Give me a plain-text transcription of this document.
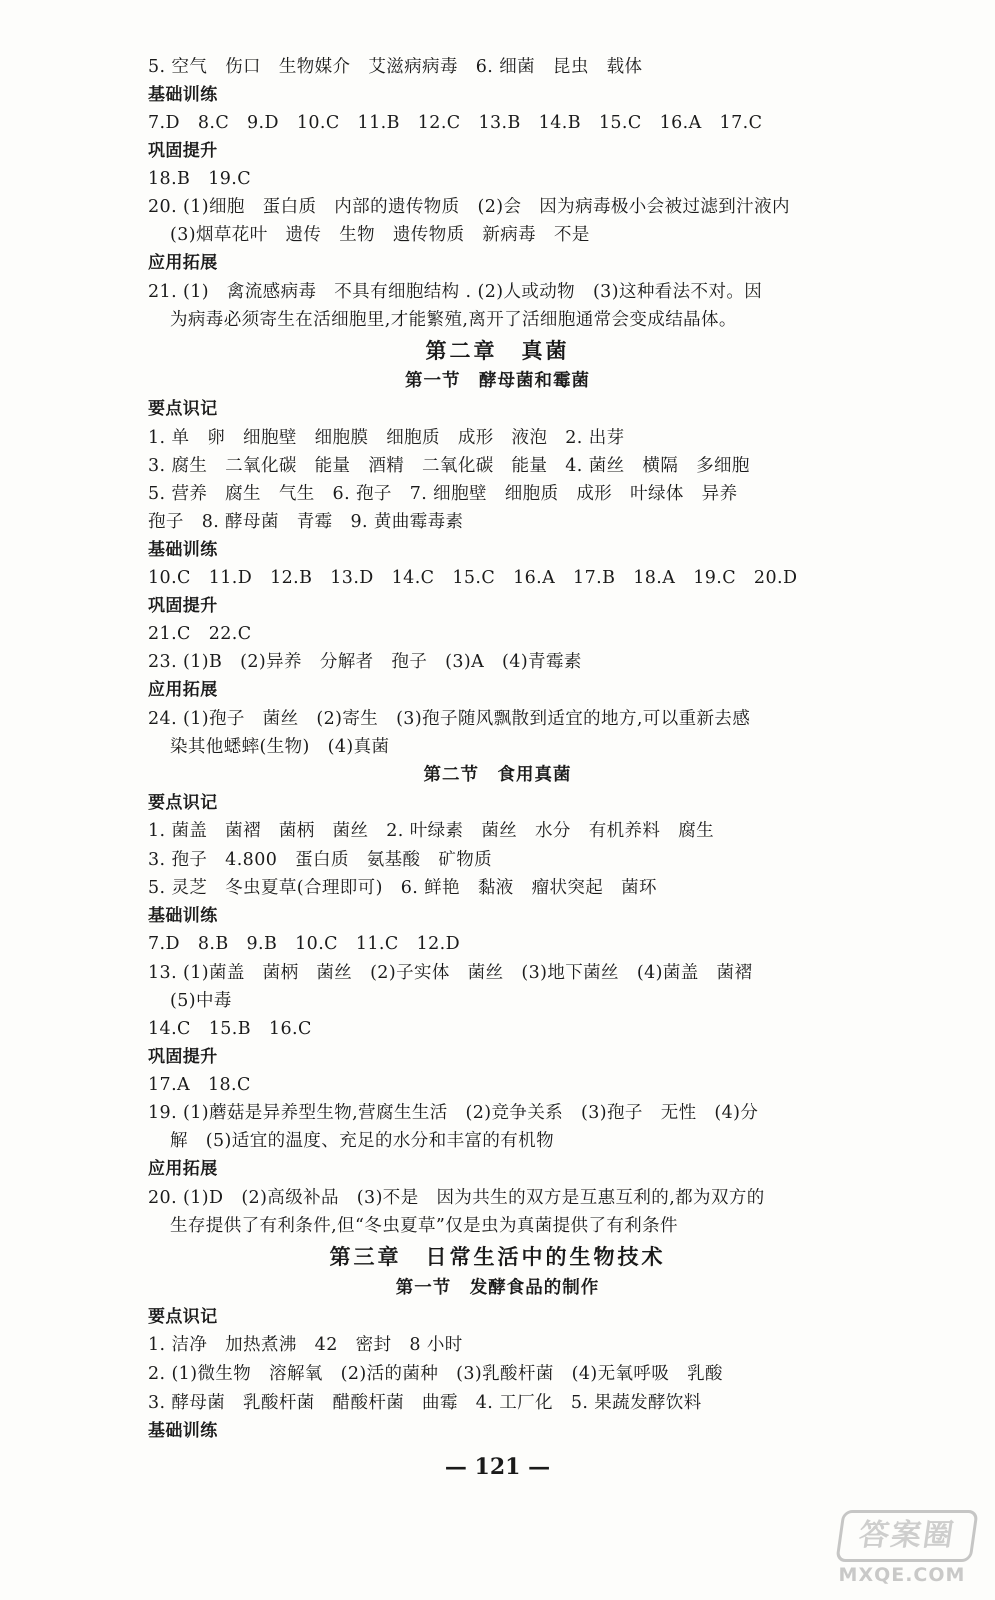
5. 空气　伤口　生物媒介　艾滋病病毒　6. 细菌　昆虫　载体
基础训练
7.D　8.C　9.D　10.C　11.B　12.C　13.B　14.B　15.C　16.A　17.C
巩固提升
18.B　19.C
20. (1)细胞　蛋白质　内部的遗传物质　(2)会　因为病毒极小会被过滤到汁液内
(3)烟草花叶　遗传　生物　遗传物质　新病毒　不是
应用拓展
21. (1)　禽流感病毒　不具有细胞结构 . (2)人或动物　(3)这种看法不对。因
为病毒必须寄生在活细胞里,才能繁殖,离开了活细胞通常会变成结晶体。
第二章　真菌
第一节　酵母菌和霉菌
要点识记
1. 单　卵　细胞壁　细胞膜　细胞质　成形　液泡　2. 出芽
3. 腐生　二氧化碳　能量　酒精　二氧化碳　能量　4. 菌丝　横隔　多细胞
5. 营养　腐生　气生　6. 孢子　7. 细胞壁　细胞质　成形　叶绿体　异养
孢子　8. 酵母菌　青霉　9. 黄曲霉毒素
基础训练
10.C　11.D　12.B　13.D　14.C　15.C　16.A　17.B　18.A　19.C　20.D
巩固提升
21.C　22.C
23. (1)B　(2)异养　分解者　孢子　(3)A　(4)青霉素
应用拓展
24. (1)孢子　菌丝　(2)寄生　(3)孢子随风飘散到适宜的地方,可以重新去感
染其他蟋蟀(生物)　(4)真菌
第二节　食用真菌
要点识记
1. 菌盖　菌褶　菌柄　菌丝　2. 叶绿素　菌丝　水分　有机养料　腐生
3. 孢子　4.800　蛋白质　氨基酸　矿物质
5. 灵芝　冬虫夏草(合理即可)　6. 鲜艳　黏液　瘤状突起　菌环
基础训练
7.D　8.B　9.B　10.C　11.C　12.D
13. (1)菌盖　菌柄　菌丝　(2)子实体　菌丝　(3)地下菌丝　(4)菌盖　菌褶
(5)中毒
14.C　15.B　16.C
巩固提升
17.A　18.C
19. (1)蘑菇是异养型生物,营腐生生活　(2)竞争关系　(3)孢子　无性　(4)分
解　(5)适宜的温度、充足的水分和丰富的有机物
应用拓展
20. (1)D　(2)高级补品　(3)不是　因为共生的双方是互惠互利的,都为双方的
生存提供了有利条件,但“冬虫夏草”仅是虫为真菌提供了有利条件
第三章　日常生活中的生物技术
第一节　发酵食品的制作
要点识记
1. 洁净　加热煮沸　42　密封　8 小时
2. (1)微生物　溶解氧　(2)活的菌种　(3)乳酸杆菌　(4)无氧呼吸　乳酸
3. 酵母菌　乳酸杆菌　醋酸杆菌　曲霉　4. 工厂化　5. 果蔬发酵饮料
基础训练
— 121 —
答案圈
MXQE.COM
